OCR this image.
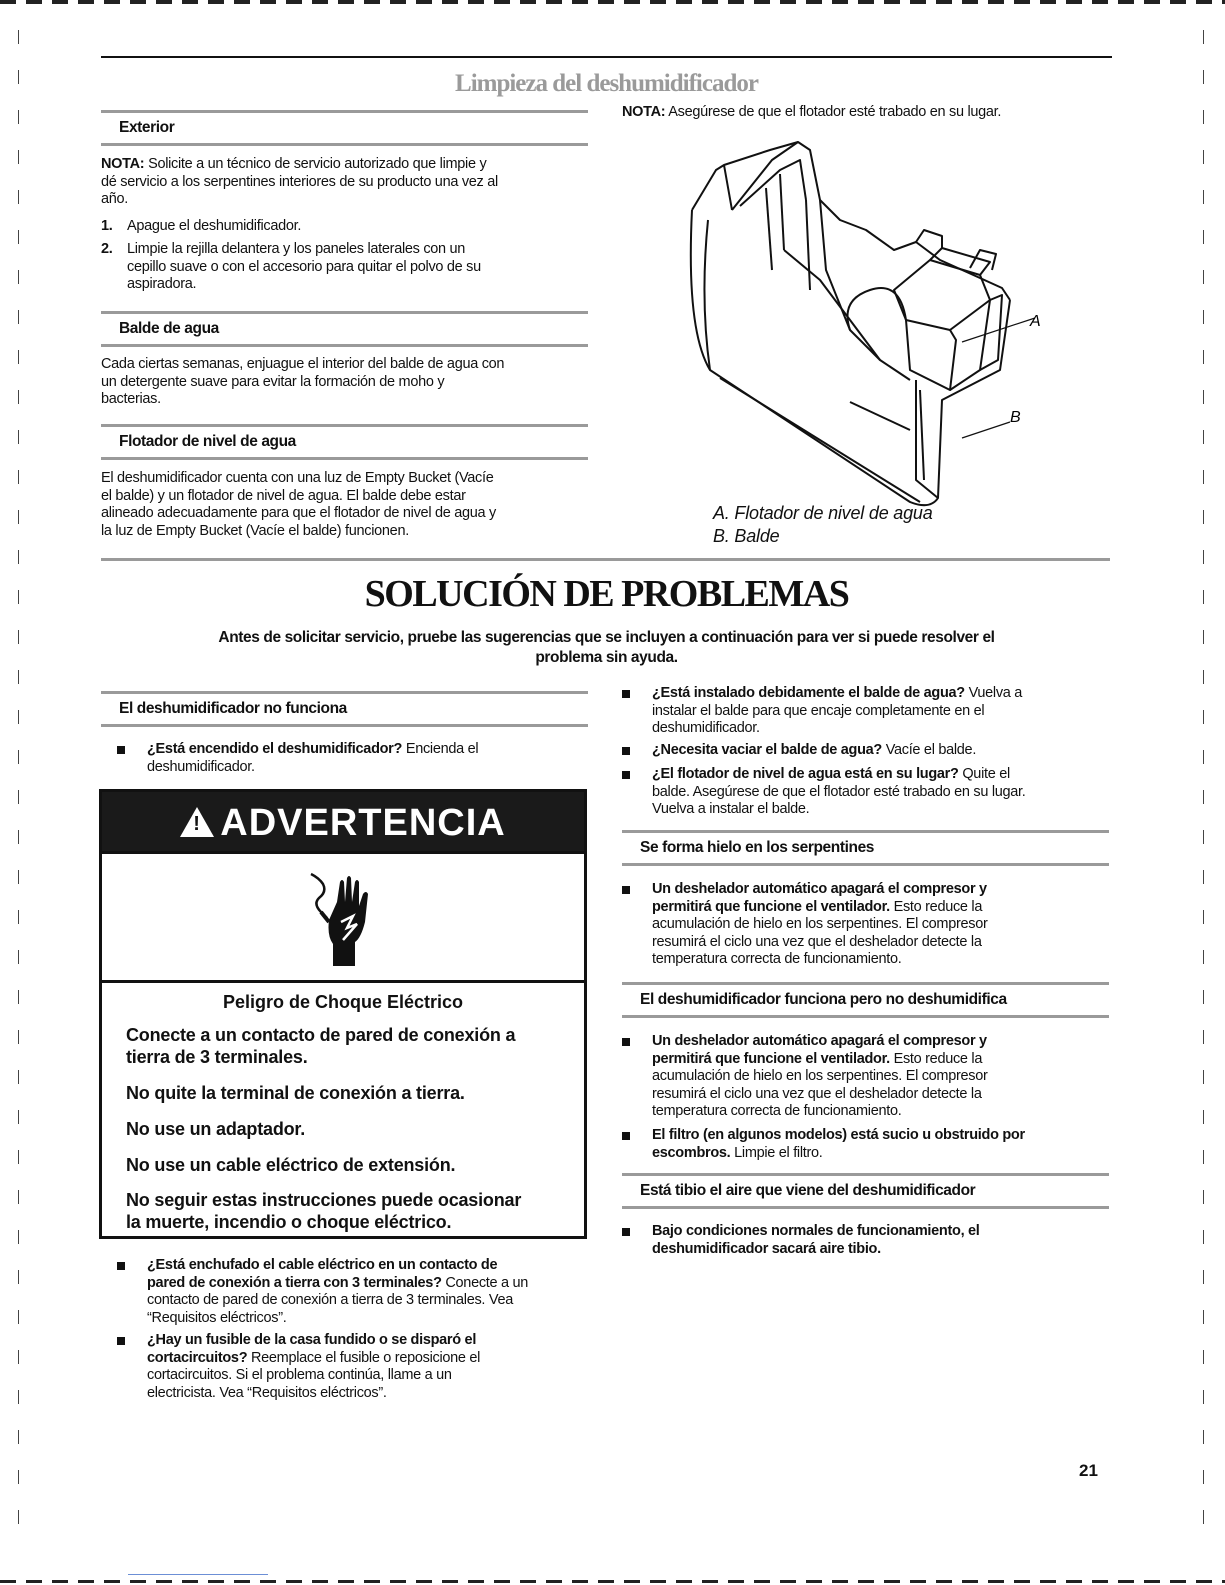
Limpieza del deshumidificador
Exterior
NOTA: Solicite a un técnico de servicio autorizado que limpie y
dé servicio a los serpentines interiores de su producto una vez al
año.
1. Apague el deshumidificador.
2. Limpie la rejilla delantera y los paneles laterales con un
cepillo suave o con el accesorio para quitar el polvo de su
aspiradora.
Balde de agua
Cada ciertas semanas, enjuague el interior del balde de agua con
un detergente suave para evitar la formación de moho y
bacterias.
Flotador de nivel de agua
El deshumidificador cuenta con una luz de Empty Bucket (Vacíe
el balde) y un flotador de nivel de agua. El balde debe estar
alineado adecuadamente para que el flotador de nivel de agua y
la luz de Empty Bucket (Vacíe el balde) funcionen.
NOTA: Asegúrese de que el flotador esté trabado en su lugar.
A
B
A. Flotador de nivel de agua
B. Balde
SOLUCIÓN DE PROBLEMAS
Antes de solicitar servicio, pruebe las sugerencias que se incluyen a continuación para ver si puede resolver el
problema sin ayuda.
El deshumidificador no funciona
¿Está encendido el deshumidificador? Encienda el
deshumidificador.
!ADVERTENCIA
Peligro de Choque Eléctrico
Conecte a un contacto de pared de conexión a
tierra de 3 terminales.
No quite la terminal de conexión a tierra.
No use un adaptador.
No use un cable eléctrico de extensión.
No seguir estas instrucciones puede ocasionar
la muerte, incendio o choque eléctrico.
¿Está enchufado el cable eléctrico en un contacto de
pared de conexión a tierra con 3 terminales? Conecte a un
contacto de pared de conexión a tierra de 3 terminales. Vea
“Requisitos eléctricos”.
¿Hay un fusible de la casa fundido o se disparó el
cortacircuitos? Reemplace el fusible o reposicione el
cortacircuitos. Si el problema continúa, llame a un
electricista. Vea “Requisitos eléctricos”.
¿Está instalado debidamente el balde de agua? Vuelva a
instalar el balde para que encaje completamente en el
deshumidificador.
¿Necesita vaciar el balde de agua? Vacíe el balde.
¿El flotador de nivel de agua está en su lugar? Quite el
balde. Asegúrese de que el flotador esté trabado en su lugar.
Vuelva a instalar el balde.
Se forma hielo en los serpentines
Un deshelador automático apagará el compresor y
permitirá que funcione el ventilador. Esto reduce la
acumulación de hielo en los serpentines. El compresor
resumirá el ciclo una vez que el deshelador detecte la
temperatura correcta de funcionamiento.
El deshumidificador funciona pero no deshumidifica
Un deshelador automático apagará el compresor y
permitirá que funcione el ventilador. Esto reduce la
acumulación de hielo en los serpentines. El compresor
resumirá el ciclo una vez que el deshelador detecte la
temperatura correcta de funcionamiento.
El filtro (en algunos modelos) está sucio u obstruido por
escombros. Limpie el filtro.
Está tibio el aire que viene del deshumidificador
Bajo condiciones normales de funcionamiento, el
deshumidificador sacará aire tibio.
21
